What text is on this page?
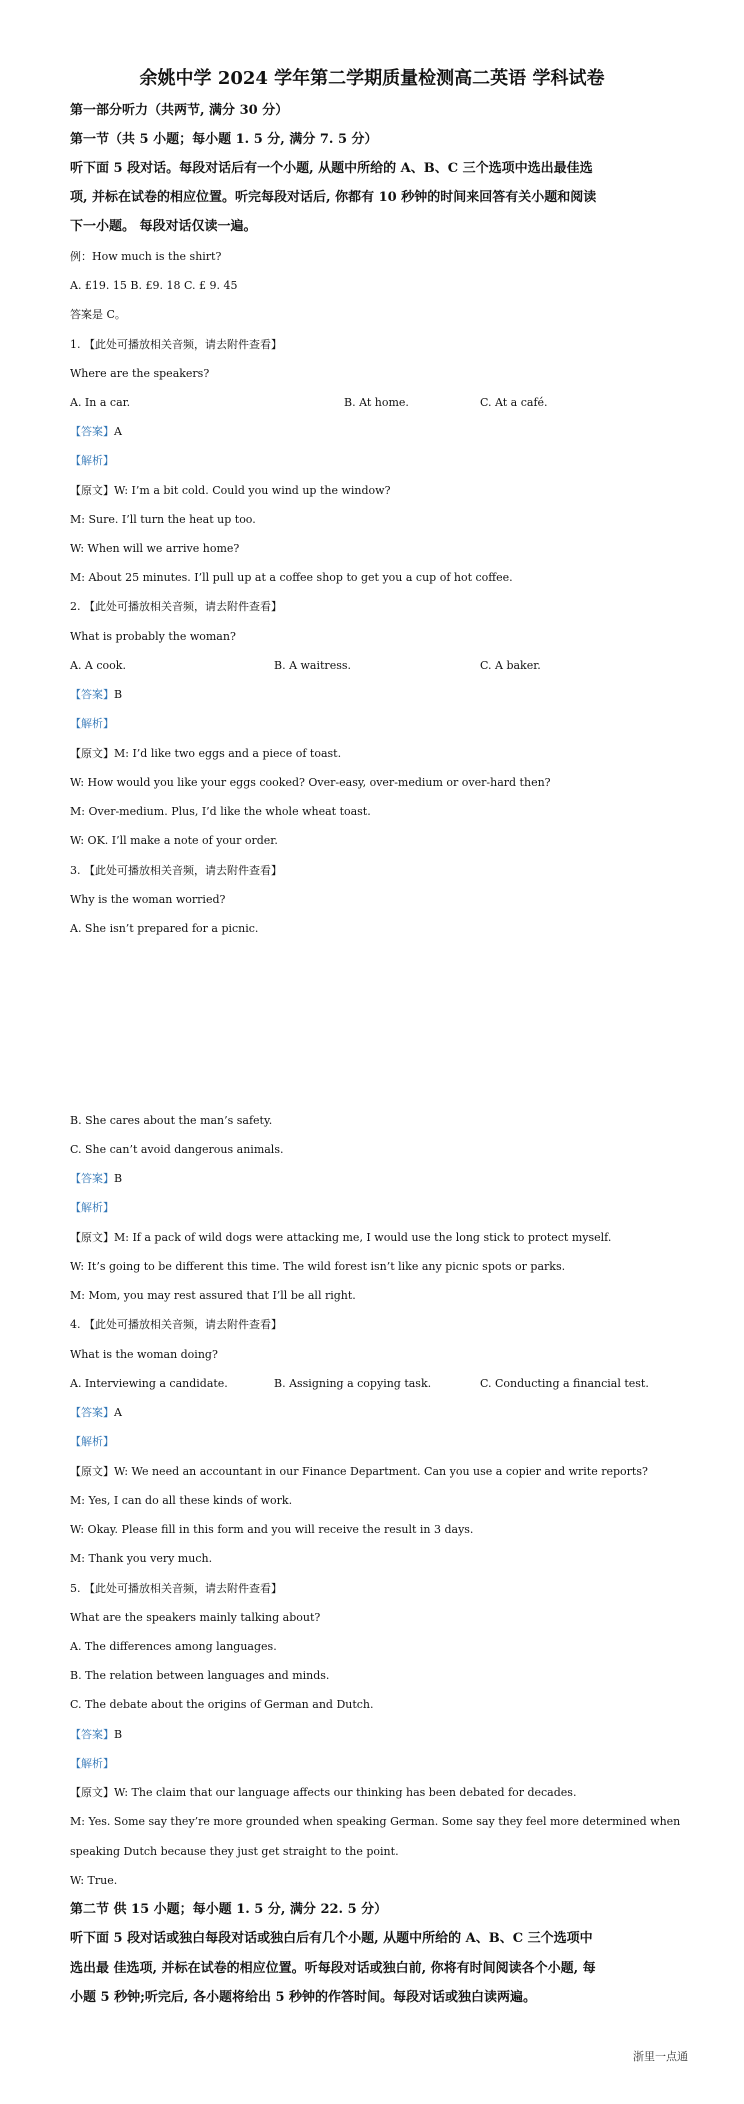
余姚中学 2024 学年第二学期质量检测高二英语 学科试卷
第一部分听力（共两节, 满分 30 分）
第一节（共 5 小题；每小题 1. 5 分, 满分 7. 5 分）
听下面 5 段对话。每段对话后有一个小题, 从题中所给的 A、B、C 三个选项中选出最佳选
项, 并标在试卷的相应位置。听完每段对话后, 你都有 10 秒钟的时间来回答有关小题和阅读
下一小题。 每段对话仅读一遍。
例：How much is the shirt?
A. £19. 15 B. £9. 18 C. £ 9. 45
答案是 C。
1. 【此处可播放相关音频，请去附件查看】
Where are the speakers?
A. In a car.	B. At home.	C. At a café.
【答案】A
【解析】
【原文】W: I’m a bit cold. Could you wind up the window?
M: Sure. I’ll turn the heat up too.
W: When will we arrive home?
M: About 25 minutes. I’ll pull up at a coffee shop to get you a cup of hot coffee.
2. 【此处可播放相关音频，请去附件查看】
What is probably the woman?
A. A cook.	B. A waitress.	C. A baker.
【答案】B
【解析】
【原文】M: I’d like two eggs and a piece of toast.
W: How would you like your eggs cooked? Over-easy, over-medium or over-hard then?
M: Over-medium. Plus, I’d like the whole wheat toast.
W: OK. I’ll make a note of your order.
3. 【此处可播放相关音频，请去附件查看】
Why is the woman worried?
A. She isn’t prepared for a picnic.
B. She cares about the man’s safety.
C. She can’t avoid dangerous animals.
【答案】B
【解析】
【原文】M: If a pack of wild dogs were attacking me, I would use the long stick to protect myself.
W: It’s going to be different this time. The wild forest isn’t like any picnic spots or parks.
M: Mom, you may rest assured that I’ll be all right.
4. 【此处可播放相关音频，请去附件查看】
What is the woman doing?
A. Interviewing a candidate.	B. Assigning a copying task.	C. Conducting a financial test.
【答案】A
【解析】
【原文】W: We need an accountant in our Finance Department. Can you use a copier and write reports?
M: Yes, I can do all these kinds of work.
W: Okay. Please fill in this form and you will receive the result in 3 days.
M: Thank you very much.
5. 【此处可播放相关音频，请去附件查看】
What are the speakers mainly talking about?
A. The differences among languages.
B. The relation between languages and minds.
C. The debate about the origins of German and Dutch.
【答案】B
【解析】
【原文】W: The claim that our language affects our thinking has been debated for decades.
M: Yes. Some say they’re more grounded when speaking German. Some say they feel more determined when
speaking Dutch because they just get straight to the point.
W: True.
第二节 供 15 小题；每小题 1. 5 分, 满分 22. 5 分）
听下面 5 段对话或独白每段对话或独白后有几个小题, 从题中所给的 A、B、C 三个选项中
选出最 佳选项, 并标在试卷的相应位置。听每段对话或独白前, 你将有时间阅读各个小题, 每
小题 5 秒钟;听完后, 各小题将给出 5 秒钟的作答时间。每段对话或独白读两遍。
浙里一点通
